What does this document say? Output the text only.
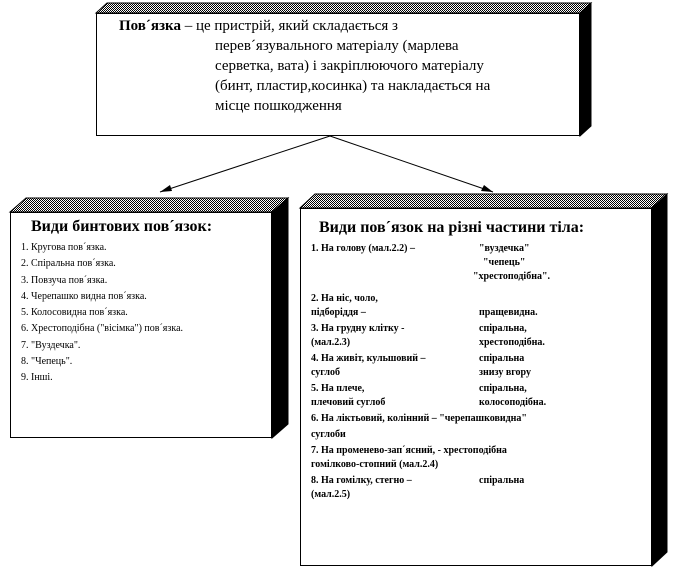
Пов´язка – це пристрій, який складається з
перев´язувального матеріалу (марлева
серветка, вата) і закріплюючого матеріалу
(бинт, пластир,косинка) та накладається на
місце пошкодження
Види бинтових пов´язок:
1. Кругова пов´язка.
2. Спіральна пов´язка.
3. Повзуча пов´язка.
4. Черепашко видна пов´язка.
5. Колосовидна пов´язка.
6. Хрестоподібна ("вісімка") пов´язка.
7. "Вуздечка".
8. "Чепець".
9. Інші.
Види пов´язок на різні частини тіла:
1. На голову (мал.2.2) –	"вуздечка"
"чепець"
"хрестоподібна".
2. На ніс, чоло,
підборіддя –	пращевидна.
3. На грудну клітку -	спіральна,
(мал.2.3)	хрестоподібна.
4. На живіт, кульшовий –	спіральна
суглоб	знизу вгору
5. На плече,	спіральна,
плечовий суглоб	колосоподібна.
6. На ліктьовий, колінний – "черепашковидна"
суглоби
7. На променево-зап´ясний, - хрестоподібна
гомілково-стопний (мал.2.4)
8. На гомілку, стегно –	спіральна
(мал.2.5)
